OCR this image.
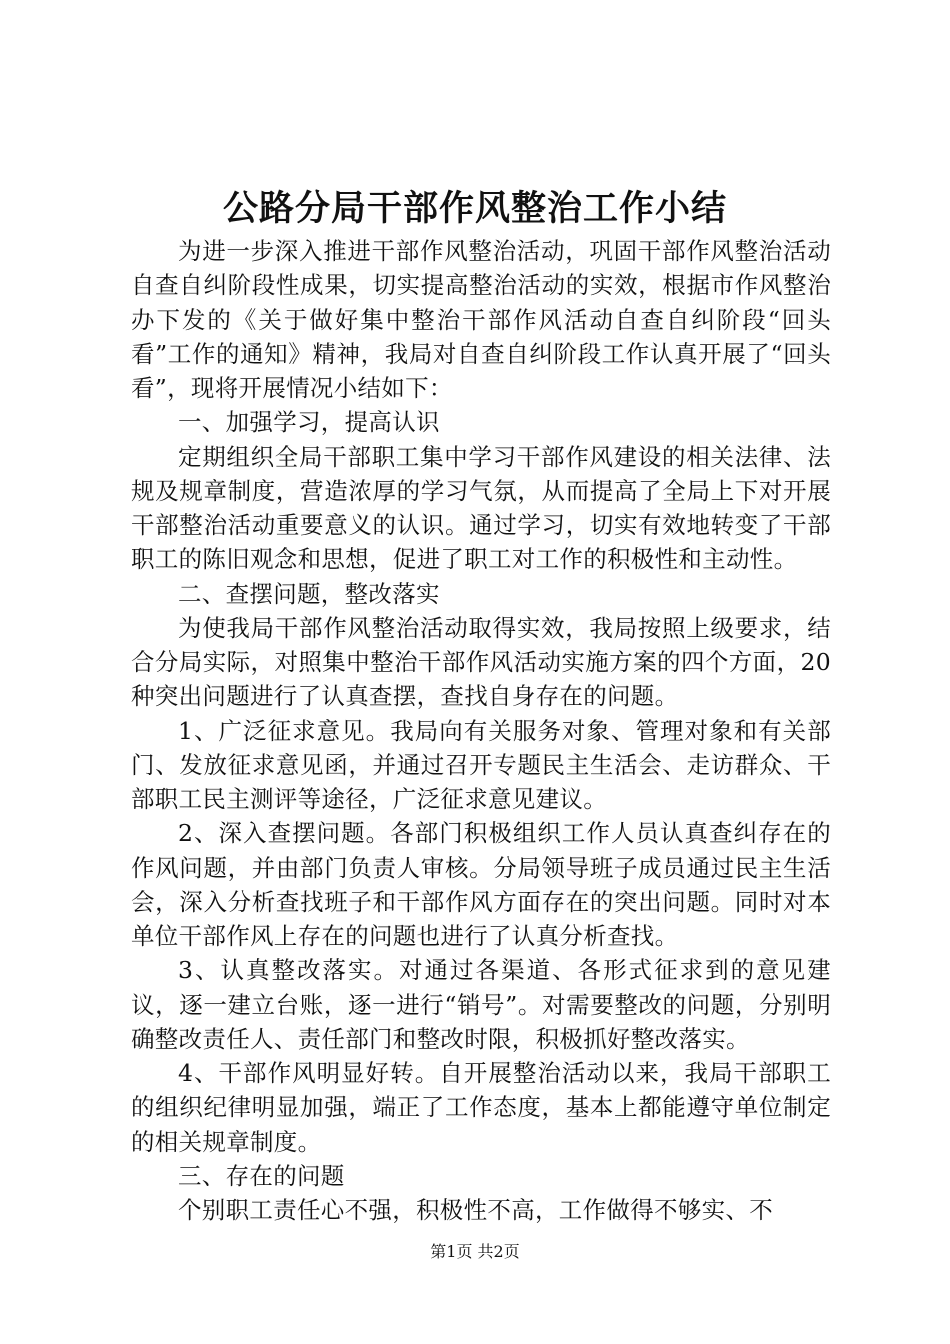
公路分局干部作风整治工作小结

为进一步深入推进干部作风整治活动，巩固干部作风整治活动自查自纠阶段性成果，切实提高整治活动的实效，根据市作风整治办下发的《关于做好集中整治干部作风活动自查自纠阶段“回头看”工作的通知》精神，我局对自查自纠阶段工作认真开展了“回头看”，现将开展情况小结如下：

一、加强学习，提高认识

定期组织全局干部职工集中学习干部作风建设的相关法律、法规及规章制度，营造浓厚的学习气氛，从而提高了全局上下对开展干部整治活动重要意义的认识。通过学习，切实有效地转变了干部职工的陈旧观念和思想，促进了职工对工作的积极性和主动性。

二、查摆问题，整改落实

为使我局干部作风整治活动取得实效，我局按照上级要求，结合分局实际，对照集中整治干部作风活动实施方案的四个方面，20种突出问题进行了认真查摆，查找自身存在的问题。

1、广泛征求意见。我局向有关服务对象、管理对象和有关部门、发放征求意见函，并通过召开专题民主生活会、走访群众、干部职工民主测评等途径，广泛征求意见建议。

2、深入查摆问题。各部门积极组织工作人员认真查纠存在的作风问题，并由部门负责人审核。分局领导班子成员通过民主生活会，深入分析查找班子和干部作风方面存在的突出问题。同时对本单位干部作风上存在的问题也进行了认真分析查找。

3、认真整改落实。对通过各渠道、各形式征求到的意见建议，逐一建立台账，逐一进行“销号”。对需要整改的问题，分别明确整改责任人、责任部门和整改时限，积极抓好整改落实。

4、干部作风明显好转。自开展整治活动以来，我局干部职工的组织纪律明显加强，端正了工作态度，基本上都能遵守单位制定的相关规章制度。

三、存在的问题

个别职工责任心不强，积极性不高，工作做得不够实、不

第1页 共2页
